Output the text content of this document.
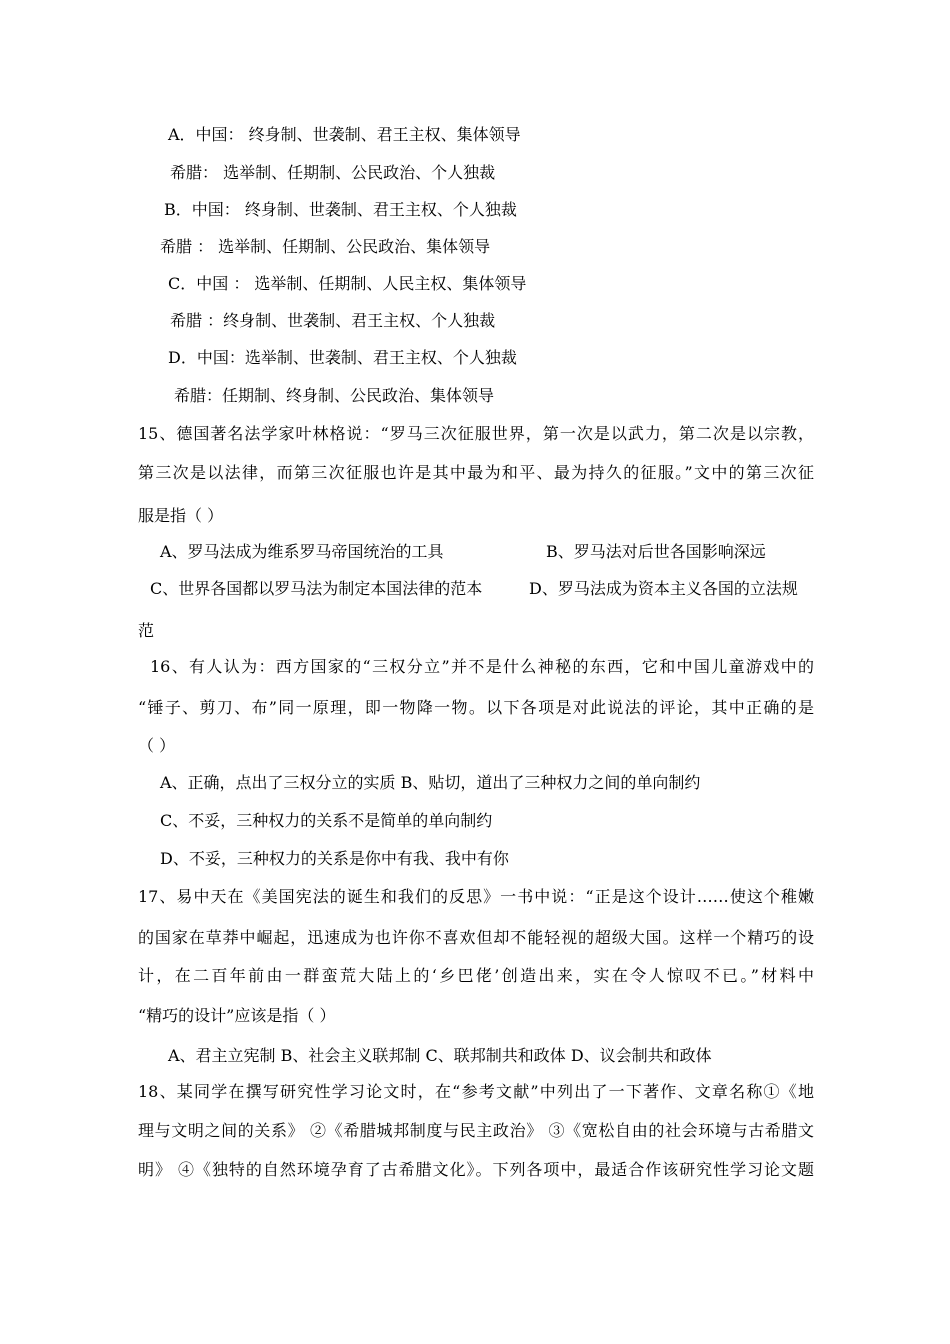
A．中国： 终身制、世袭制、君王主权、集体领导
希腊： 选举制、任期制、公民政治、个人独裁
B．中国： 终身制、世袭制、君王主权、个人独裁
希腊 ： 选举制、任期制、公民政治、集体领导
C．中国 ： 选举制、任期制、人民主权、集体领导
希腊 ：终身制、世袭制、君王主权、个人独裁
D．中国：选举制、世袭制、君王主权、个人独裁
希腊：任期制、终身制、公民政治、集体领导
15、德国著名法学家叶林格说：“罗马三次征服世界，第一次是以武力，第二次是以宗教，
第三次是以法律，而第三次征服也许是其中最为和平、最为持久的征服。”文中的第三次征
服是指（ ）
A、罗马法成为维系罗马帝国统治的工具	B、罗马法对后世各国影响深远
C、世界各国都以罗马法为制定本国法律的范本	D、罗马法成为资本主义各国的立法规
范
16、有人认为：西方国家的“三权分立”并不是什么神秘的东西，它和中国儿童游戏中的
“锤子、剪刀、布”同一原理，即一物降一物。以下各项是对此说法的评论，其中正确的是
（ ）
A、正确，点出了三权分立的实质 B、贴切，道出了三种权力之间的单向制约
C、不妥，三种权力的关系不是简单的单向制约
D、不妥，三种权力的关系是你中有我、我中有你
17、易中天在《美国宪法的诞生和我们的反思》一书中说：“正是这个设计……使这个稚嫩
的国家在草莽中崛起，迅速成为也许你不喜欢但却不能轻视的超级大国。这样一个精巧的设
计，在二百年前由一群蛮荒大陆上的‘乡巴佬’创造出来，实在令人惊叹不已。”材料中
“精巧的设计”应该是指（ ）
A、君主立宪制 B、社会主义联邦制 C、联邦制共和政体 D、议会制共和政体
18、某同学在撰写研究性学习论文时，在“参考文献”中列出了一下著作、文章名称①《地
理与文明之间的关系》 ②《希腊城邦制度与民主政治》 ③《宽松自由的社会环境与古希腊文
明》 ④《独特的自然环境孕育了古希腊文化》。下列各项中，最适合作该研究性学习论文题
